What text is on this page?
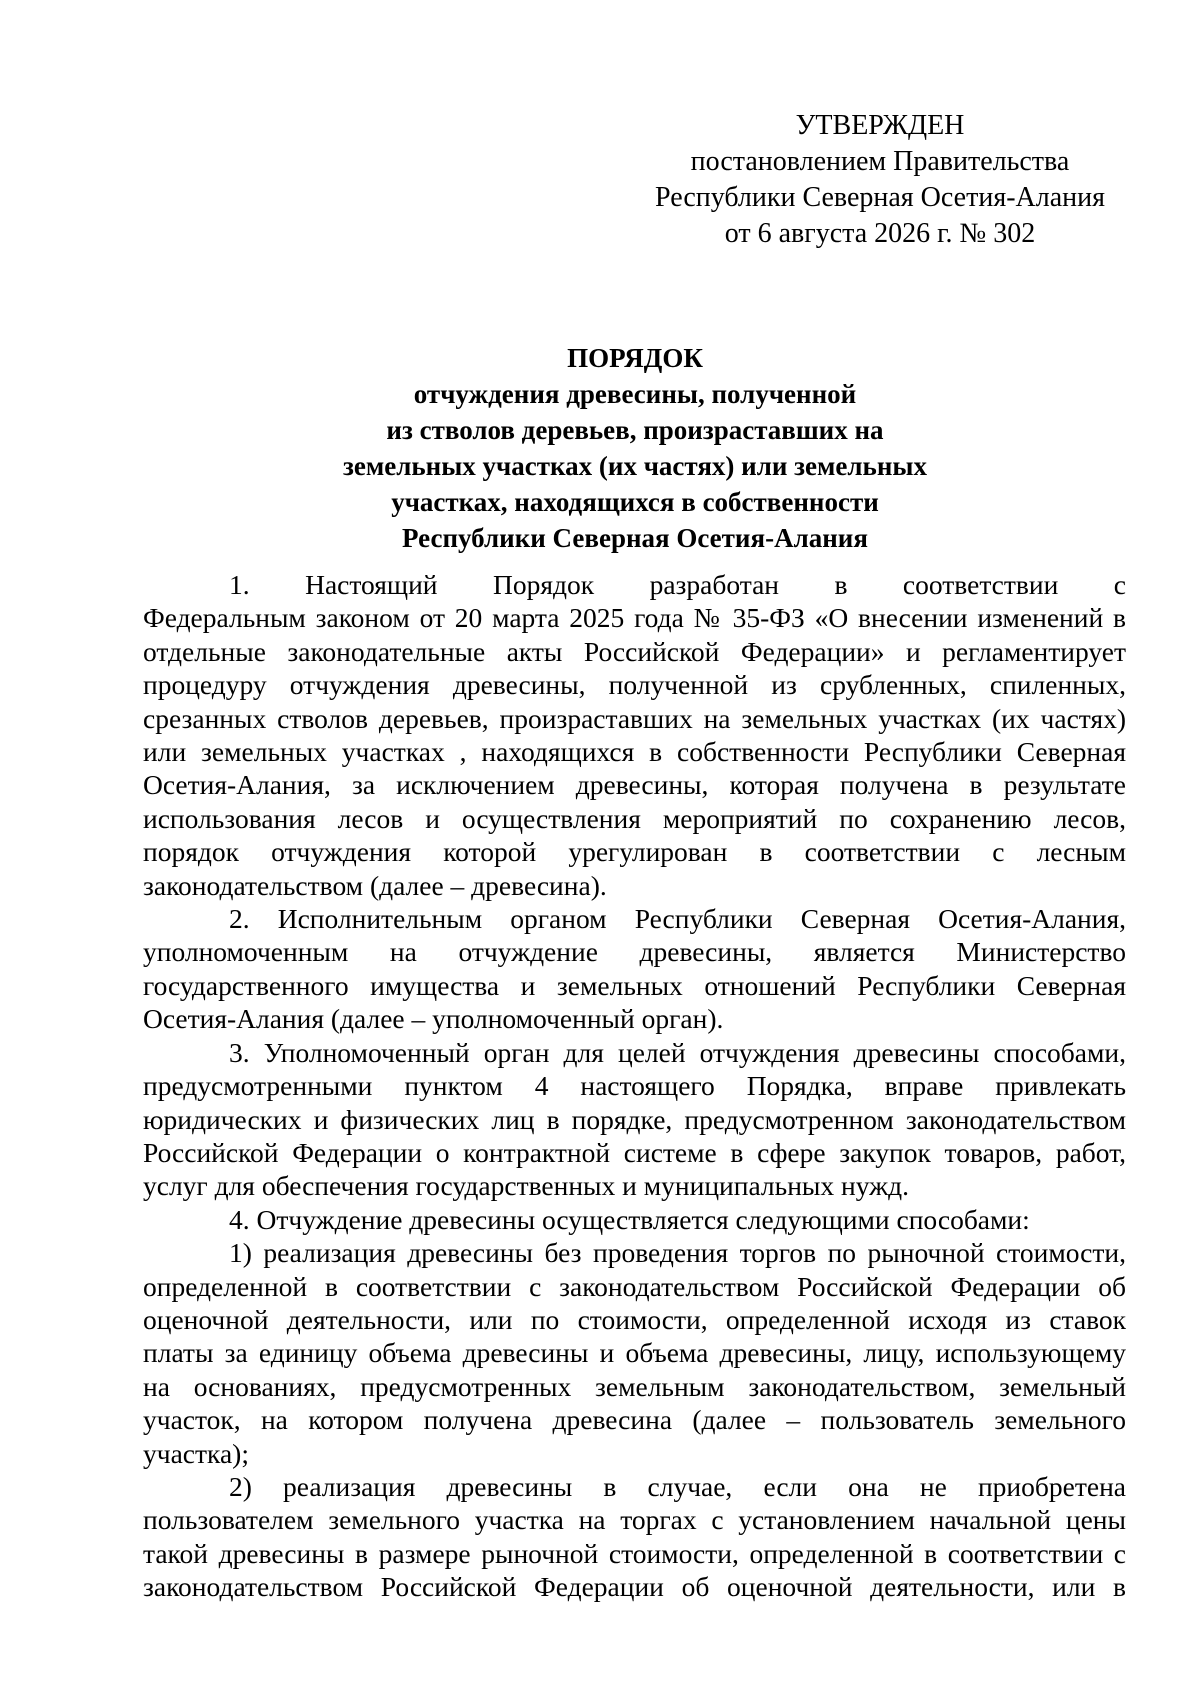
УТВЕРЖДЕН
постановлением Правительства
Республики Северная Осетия-Алания
от 6 августа 2026 г. № 302
ПОРЯДОК
отчуждения древесины, полученной
из стволов деревьев, произраставших на
земельных участках (их частях) или земельных
участках, находящихся в собственности
Республики Северная Осетия-Алания
1. Настоящий Порядок разработан в соответствии с
Федеральным законом от 20 марта 2025 года № 35-ФЗ «О внесении изменений в
отдельные законодательные акты Российской Федерации» и регламентирует
процедуру отчуждения древесины, полученной из срубленных, спиленных,
срезанных стволов деревьев, произраставших на земельных участках (их частях)
или земельных участках , находящихся в собственности Республики Северная
Осетия-Алания, за исключением древесины, которая получена в результате
использования лесов и осуществления мероприятий по сохранению лесов,
порядок отчуждения которой урегулирован в соответствии с лесным
законодательством (далее – древесина).
2. Исполнительным органом Республики Северная Осетия-Алания,
уполномоченным на отчуждение древесины, является Министерство
государственного имущества и земельных отношений Республики Северная
Осетия-Алания (далее – уполномоченный орган).
3. Уполномоченный орган для целей отчуждения древесины способами,
предусмотренными пунктом 4 настоящего Порядка, вправе привлекать
юридических и физических лиц в порядке, предусмотренном законодательством
Российской Федерации о контрактной системе в сфере закупок товаров, работ,
услуг для обеспечения государственных и муниципальных нужд.
4. Отчуждение древесины осуществляется следующими способами:
1) реализация древесины без проведения торгов по рыночной стоимости,
определенной в соответствии с законодательством Российской Федерации об
оценочной деятельности, или по стоимости, определенной исходя из ставок
платы за единицу объема древесины и объема древесины, лицу, использующему
на основаниях, предусмотренных земельным законодательством, земельный
участок, на котором получена древесина (далее – пользователь земельного
участка);
2) реализация древесины в случае, если она не приобретена
пользователем земельного участка на торгах с установлением начальной цены
такой древесины в размере рыночной стоимости, определенной в соответствии с
законодательством Российской Федерации об оценочной деятельности, или в
